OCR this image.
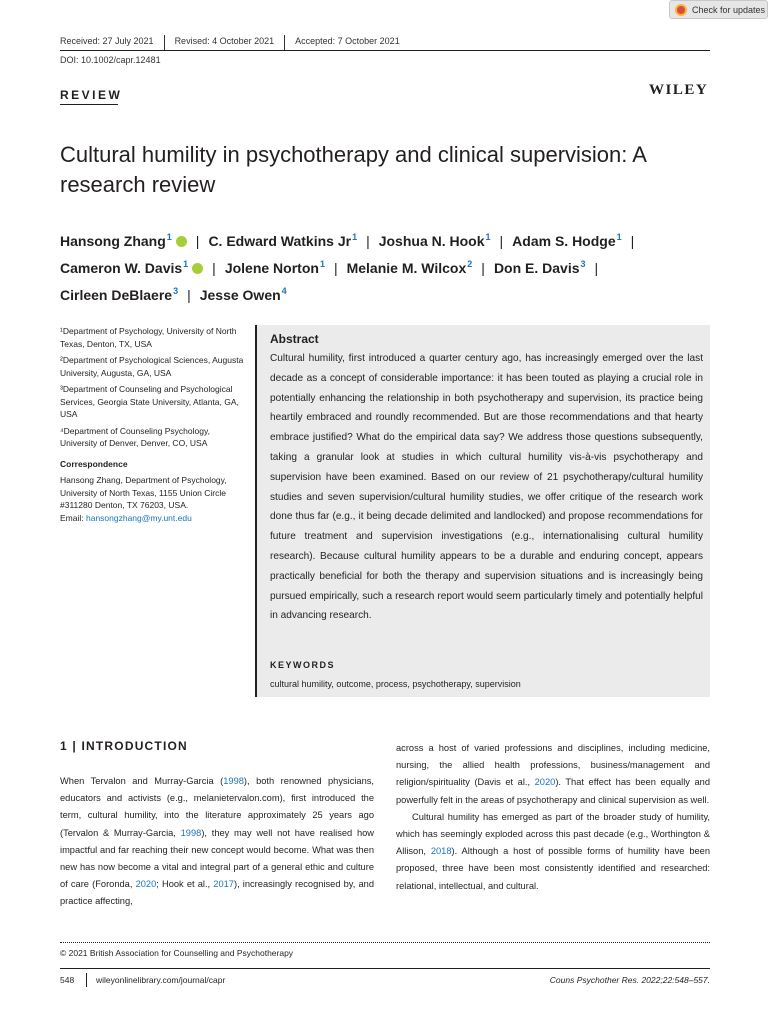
Check for updates
Received: 27 July 2021	Revised: 4 October 2021	Accepted: 7 October 2021
DOI: 10.1002/capr.12481
REVIEW	WILEY
Cultural humility in psychotherapy and clinical supervision: A research review
Hansong Zhang$^1$ | C. Edward Watkins Jr$^1$ | Joshua N. Hook$^1$ | Adam S. Hodge$^1$ |
Cameron W. Davis$^1$ | Jolene Norton$^1$ | Melanie M. Wilcox$^2$ | Don E. Davis$^3$ |
Cirleen DeBlaere$^3$ | Jesse Owen$^4$

¹Department of Psychology, University of North Texas, Denton, TX, USA

²Department of Psychological Sciences, Augusta University, Augusta, GA, USA

³Department of Counseling and Psychological Services, Georgia State University, Atlanta, GA, USA

⁴Department of Counseling Psychology, University of Denver, Denver, CO, USA

Correspondence

Hansong Zhang, Department of Psychology, University of North Texas, 1155 Union Circle #311280 Denton, TX 76203, USA.
Email: hansongzhang@my.unt.edu

Abstract
Cultural humility, first introduced a quarter century ago, has increasingly emerged over the last decade as a concept of considerable importance: it has been touted as playing a crucial role in potentially enhancing the relationship in both psychotherapy and supervision, its practice being heartily embraced and roundly recommended. But are those recommendations and that hearty embrace justified? What do the empirical data say? We address those questions subsequently, taking a granular look at studies in which cultural humility vis-à-vis psychotherapy and supervision have been examined. Based on our review of 21 psychotherapy/cultural humility studies and seven supervision/cultural humility studies, we offer critique of the research work done thus far (e.g., it being decade delimited and landlocked) and propose recommendations for future treatment and supervision investigations (e.g., internationalising cultural humility research). Because cultural humility appears to be a durable and enduring concept, appears practically beneficial for both the therapy and supervision situations and is increasingly being pursued empirically, such a research report would seem particularly timely and potentially helpful in advancing research.
KEYWORDS
cultural humility, outcome, process, psychotherapy, supervision
1 | INTRODUCTION
When Tervalon and Murray-Garcia (1998), both renowned physicians, educators and activists (e.g., melanietervalon.com), first introduced the term, cultural humility, into the literature approximately 25 years ago (Tervalon & Murray-Garcia, 1998), they may well not have realised how impactful and far reaching their new concept would become. What was then new has now become a vital and integral part of a general ethic and culture of care (Foronda, 2020; Hook et al., 2017), increasingly recognised by, and practice affecting,
across a host of varied professions and disciplines, including medicine, nursing, the allied health professions, business/management and religion/spirituality (Davis et al., 2020). That effect has been equally and powerfully felt in the areas of psychotherapy and clinical supervision as well.
Cultural humility has emerged as part of the broader study of humility, which has seemingly exploded across this past decade (e.g., Worthington & Allison, 2018). Although a host of possible forms of humility have been proposed, three have been most consistently identified and researched: relational, intellectual, and cultural.
© 2021 British Association for Counselling and Psychotherapy
548	wileyonlinelibrary.com/journal/capr	Couns Psychother Res. 2022;22:548–557.
